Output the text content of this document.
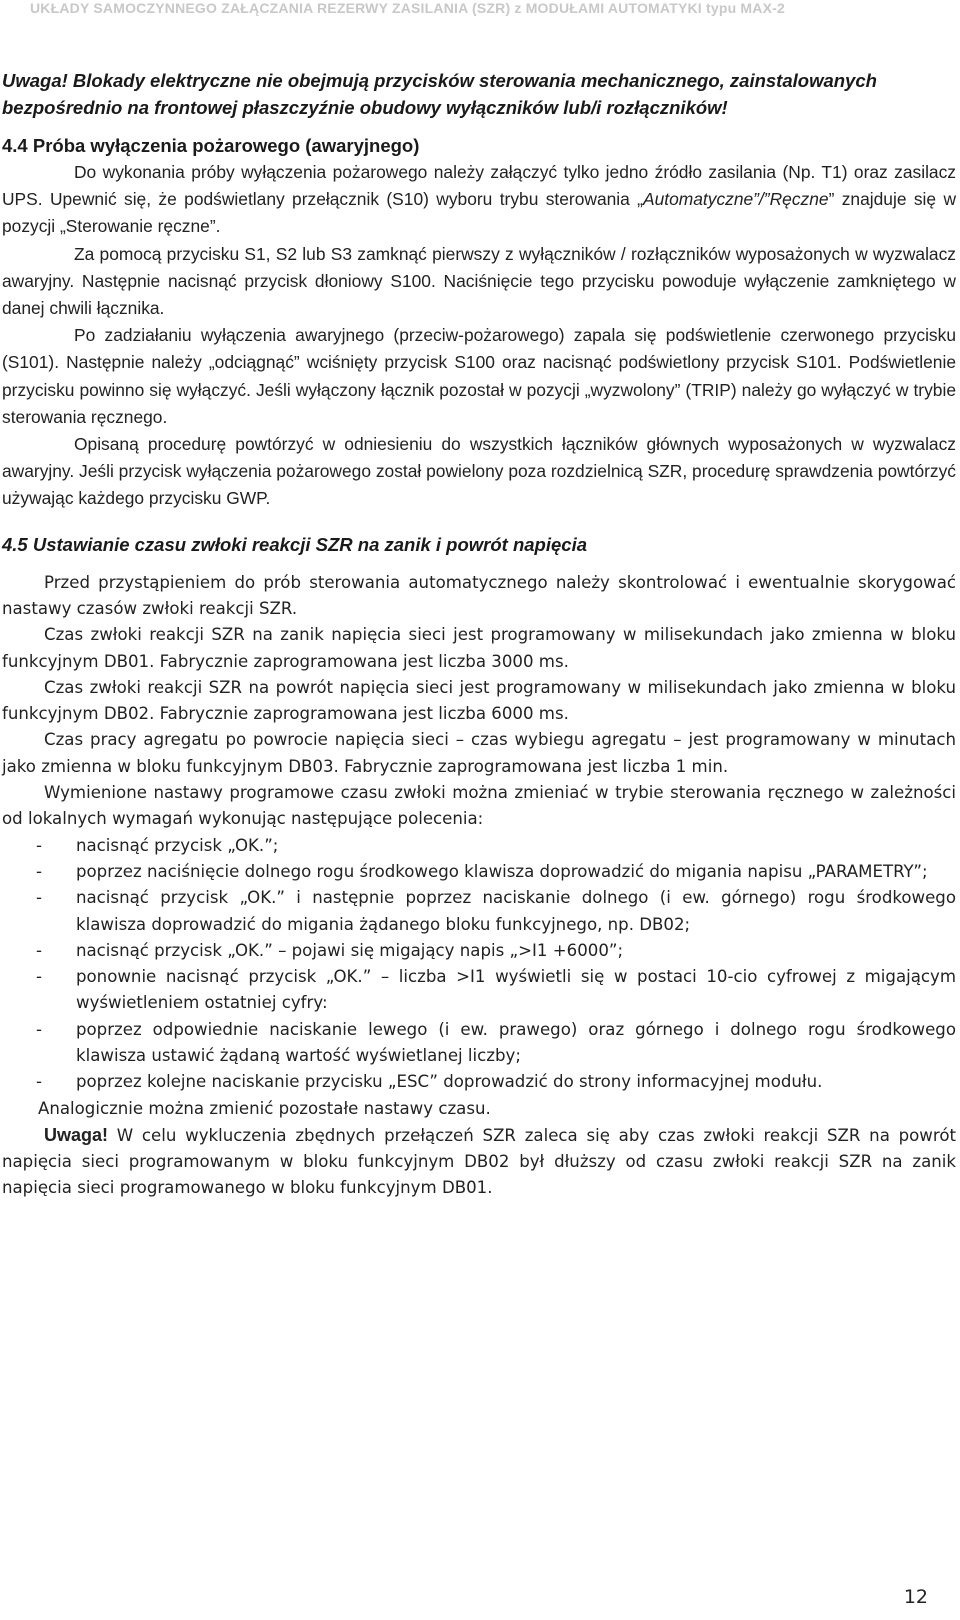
UKŁADY SAMOCZYNNEGO ZAŁĄCZANIA REZERWY ZASILANIA (SZR) z MODUŁAMI AUTOMATYKI typu MAX-2

Uwaga! Blokady elektryczne nie obejmują przycisków sterowania mechanicznego, zainstalowanych bezpośrednio na frontowej płaszczyźnie obudowy wyłączników lub/i rozłączników!

4.4 Próba wyłączenia pożarowego (awaryjnego)

Do wykonania próby wyłączenia pożarowego należy załączyć tylko jedno źródło zasilania (Np. T1) oraz zasilacz UPS. Upewnić się, że podświetlany przełącznik (S10) wyboru trybu sterowania „Automatyczne”/”Ręczne” znajduje się w pozycji „Sterowanie ręczne”.

Za pomocą przycisku S1, S2 lub S3 zamknąć pierwszy z wyłączników / rozłączników wyposażonych w wyzwalacz awaryjny. Następnie nacisnąć przycisk dłoniowy S100. Naciśnięcie tego przycisku powoduje wyłączenie zamkniętego w danej chwili łącznika.

Po zadziałaniu wyłączenia awaryjnego (przeciw-pożarowego) zapala się podświetlenie czerwonego przycisku (S101). Następnie należy „odciągnąć” wciśnięty przycisk S100 oraz nacisnąć podświetlony przycisk S101. Podświetlenie przycisku powinno się wyłączyć. Jeśli wyłączony łącznik pozostał w pozycji „wyzwolony” (TRIP) należy go wyłączyć w trybie sterowania ręcznego.

Opisaną procedurę powtórzyć w odniesieniu do wszystkich łączników głównych wyposażonych w wyzwalacz awaryjny. Jeśli przycisk wyłączenia pożarowego został powielony poza rozdzielnicą SZR, procedurę sprawdzenia powtórzyć używając każdego przycisku GWP.

4.5 Ustawianie czasu zwłoki reakcji SZR na zanik i powrót napięcia

Przed przystąpieniem do prób sterowania automatycznego należy skontrolować i ewentualnie skorygować nastawy czasów zwłoki reakcji SZR.

Czas zwłoki reakcji SZR na zanik napięcia sieci jest programowany w milisekundach jako zmienna w bloku funkcyjnym DB01. Fabrycznie zaprogramowana jest liczba 3000 ms.

Czas zwłoki reakcji SZR na powrót napięcia sieci jest programowany w milisekundach jako zmienna w bloku funkcyjnym DB02. Fabrycznie zaprogramowana jest liczba 6000 ms.

Czas pracy agregatu po powrocie napięcia sieci – czas wybiegu agregatu – jest programowany w minutach jako zmienna w bloku funkcyjnym DB03. Fabrycznie zaprogramowana jest liczba 1 min.

Wymienione nastawy programowe czasu zwłoki można zmieniać w trybie sterowania ręcznego w zależności od lokalnych wymagań wykonując następujące polecenia:

- nacisnąć przycisk „OK.”;
- poprzez naciśnięcie dolnego rogu środkowego klawisza doprowadzić do migania napisu „PARAMETRY”;
- nacisnąć przycisk „OK.” i następnie poprzez naciskanie dolnego (i ew. górnego) rogu środkowego klawisza doprowadzić do migania żądanego bloku funkcyjnego, np. DB02;
- nacisnąć przycisk „OK.” – pojawi się migający napis „>I1 +6000”;
- ponownie nacisnąć przycisk „OK.” – liczba >I1 wyświetli się w postaci 10-cio cyfrowej z migającym wyświetleniem ostatniej cyfry:
- poprzez odpowiednie naciskanie lewego (i ew. prawego) oraz górnego i dolnego rogu środkowego klawisza ustawić żądaną wartość wyświetlanej liczby;
- poprzez kolejne naciskanie przycisku „ESC” doprowadzić do strony informacyjnej modułu.

Analogicznie można zmienić pozostałe nastawy czasu.

Uwaga! W celu wykluczenia zbędnych przełączeń SZR zaleca się aby czas zwłoki reakcji SZR na powrót napięcia sieci programowanym w bloku funkcyjnym DB02 był dłuższy od czasu zwłoki reakcji SZR na zanik napięcia sieci programowanego w bloku funkcyjnym DB01.

12
